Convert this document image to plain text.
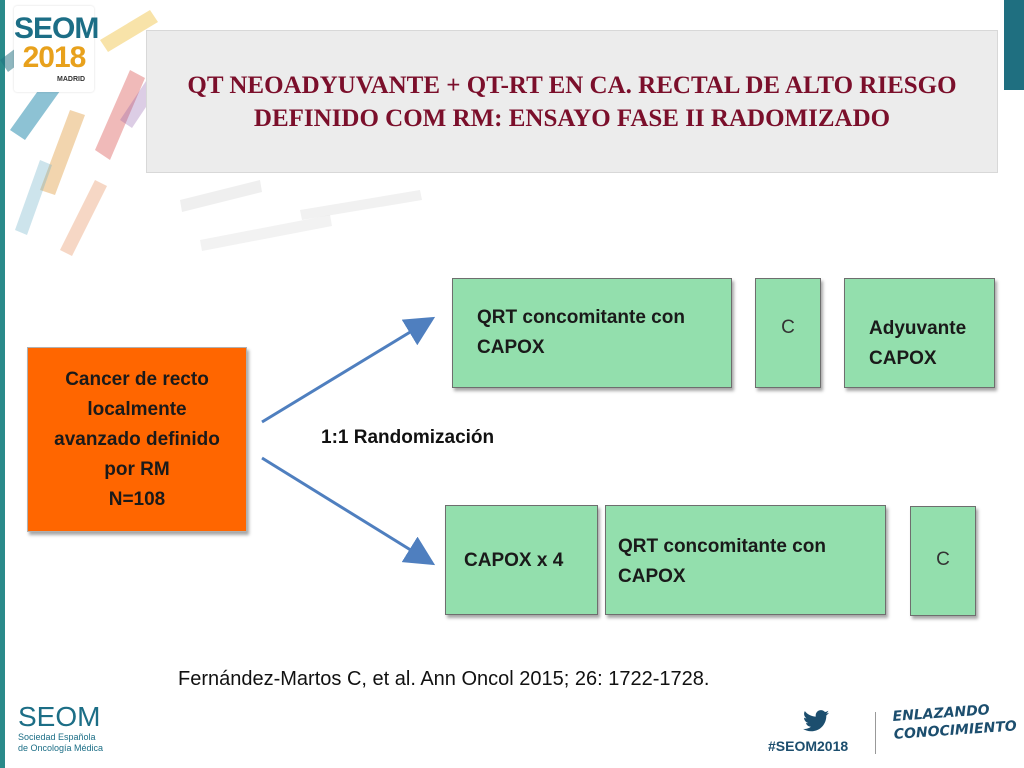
SEOM
2018
MADRID	QT NEOADYUVANTE + QT-RT EN CA. RECTAL DE ALTO RIESGO DEFINIDO COM RM: ENSAYO FASE II RADOMIZADO
Cancer de recto
localmente
avanzado definido
por RM
N=108
1:1 Randomización
QRT concomitante con CAPOX
C	Adyuvante CAPOX
CAPOX x 4
QRT concomitante con CAPOX
C
Fernández-Martos C, et al. Ann Oncol 2015; 26: 1722-1728.
SEOM
Sociedad Española
de Oncología Médica	#SEOM2018
ENLAZANDO
CONOCIMIENTO
